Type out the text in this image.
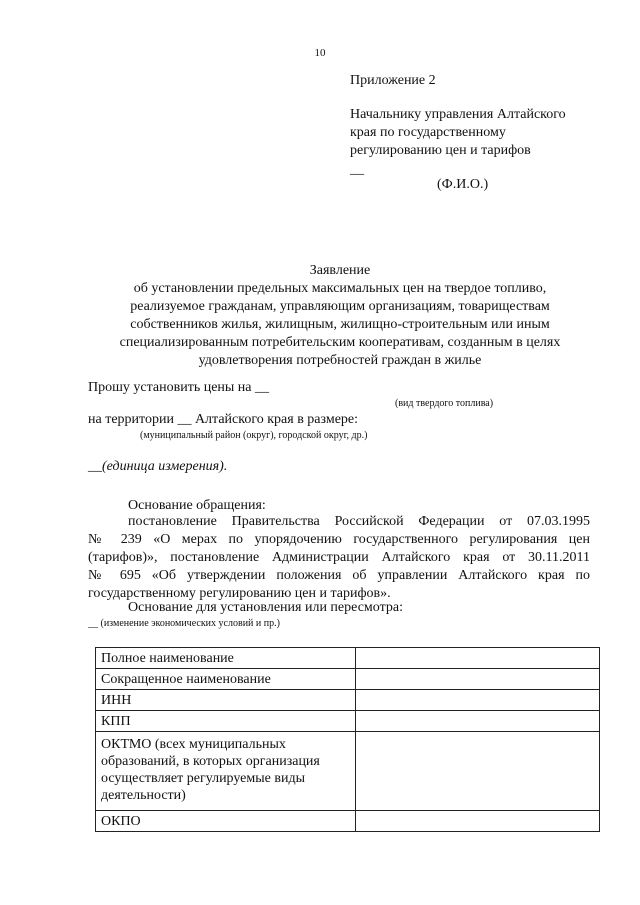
10
Приложение 2
Начальнику управления Алтайского
края по государственному
регулированию цен и тарифов
__
(Ф.И.О.)
Заявление
об установлении предельных максимальных цен на твердое топливо,
реализуемое гражданам, управляющим организациям, товариществам
собственников жилья, жилищным, жилищно-строительным или иным
специализированным потребительским кооперативам, созданным в целях
удовлетворения потребностей граждан в жилье
Прошу установить цены на __
(вид твердого топлива)
на территории __ Алтайского края в размере:
(муниципальный район (округ), городской округ, др.)
__(единица измерения).
Основание обращения:
постановление Правительства Российской Федерации от 07.03.1995
№ 239 «О мерах по упорядочению государственного регулирования цен
(тарифов)», постановление Администрации Алтайского края от 30.11.2011
№ 695 «Об утверждении положения об управлении Алтайского края по
государственному регулированию цен и тарифов».
Основание для установления или пересмотра:
__ (изменение экономических условий и пр.)
Полное наименование	
Сокращенное наименование	
ИНН	
КПП	
ОКТМО (всех муниципальных образований, в которых организация осуществляет регулируемые виды деятельности)	
ОКПО	
